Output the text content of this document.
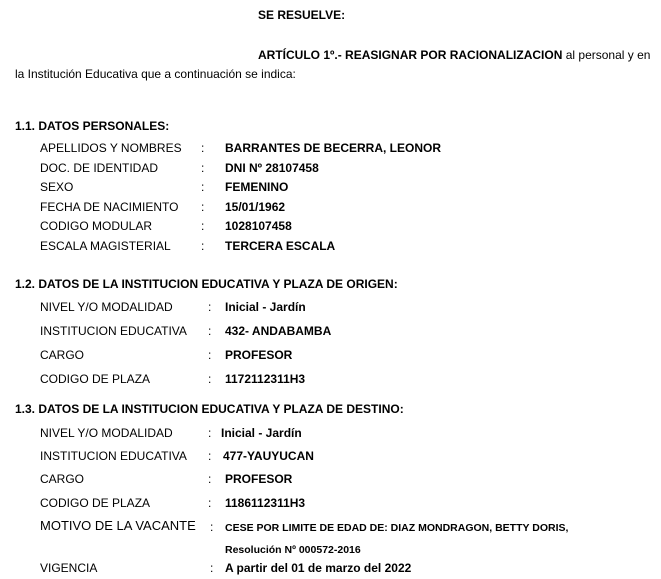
SE RESUELVE:
ARTÍCULO 1º.- REASIGNAR POR RACIONALIZACION al personal y en
la Institución Educativa que a continuación se indica:
1.1. DATOS PERSONALES:
APELLIDOS Y NOMBRES : BARRANTES DE BECERRA, LEONOR
DOC. DE IDENTIDAD	: DNI Nº 28107458
SEXO	: FEMENINO
FECHA DE NACIMIENTO : 15/01/1962
CODIGO MODULAR	: 1028107458
ESCALA MAGISTERIAL	: TERCERA ESCALA
1.2. DATOS DE LA INSTITUCION EDUCATIVA Y PLAZA DE ORIGEN:
NIVEL Y/O MODALIDAD	: Inicial - Jardín
INSTITUCION EDUCATIVA : 432- ANDABAMBA
CARGO	: PROFESOR
CODIGO DE PLAZA	: 1172112311H3
1.3. DATOS DE LA INSTITUCION EDUCATIVA Y PLAZA DE DESTINO:
NIVEL Y/O MODALIDAD	: Inicial - Jardín
INSTITUCION EDUCATIVA : 477-YAUYUCAN
CARGO	: PROFESOR
CODIGO DE PLAZA	: 1186112311H3
MOTIVO DE LA VACANTE : CESE POR LIMITE DE EDAD DE: DIAZ MONDRAGON, BETTY DORIS,
Resolución Nº 000572-2016
VIGENCIA	: A partir del 01 de marzo del 2022
